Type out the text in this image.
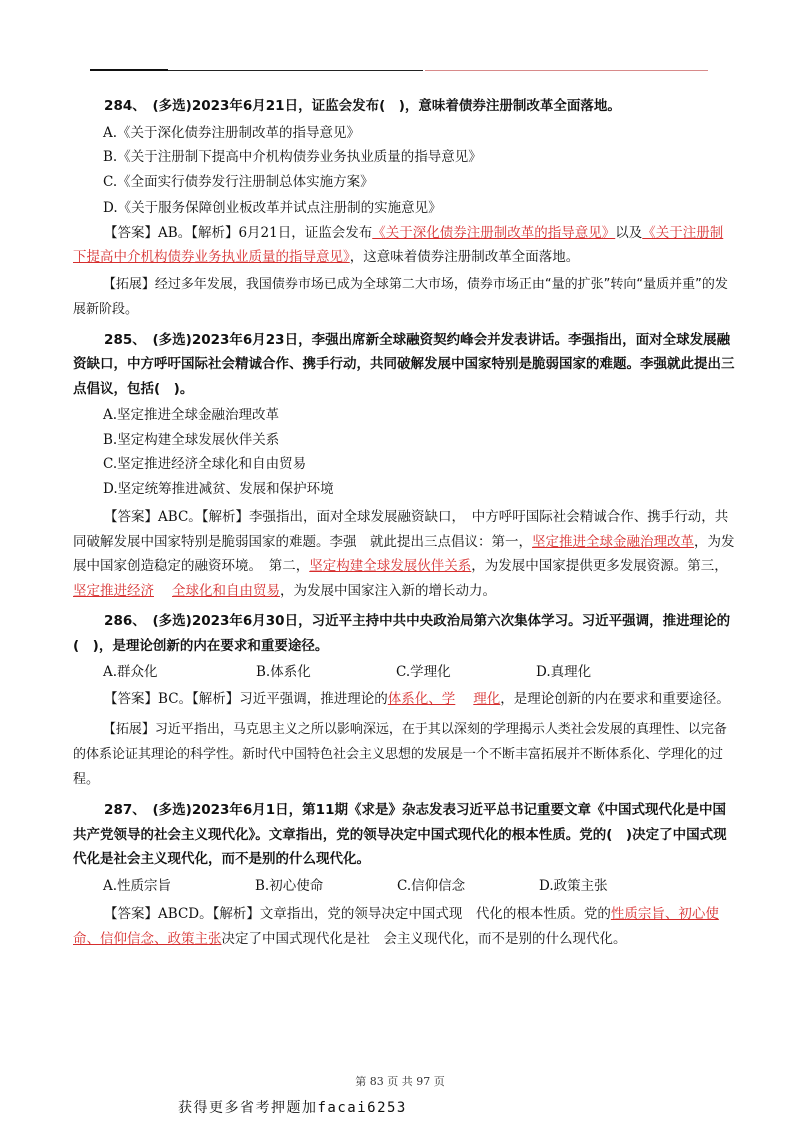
284、　(多选)2023年6月21日，证监会发布(　)，意味着债券注册制改革全面落地。

A.《关于深化债券注册制改革的指导意见》

B.《关于注册制下提高中介机构债券业务执业质量的指导意见》

C.《全面实行债券发行注册制总体实施方案》

D.《关于服务保障创业板改革并试点注册制的实施意见》

【答案】AB。【解析】6月21日，证监会发布《关于深化债券注册制改革的指导意见》以及《关于注册制下提高中介机构债券业务执业质量的指导意见》，这意味着债券注册制改革全面落地。

【拓展】经过多年发展，我国债券市场已成为全球第二大市场，债券市场正由“量的扩张”转向“量质并重”的发展新阶段。

285、　(多选)2023年6月23日，李强出席新全球融资契约峰会并发表讲话。李强指出，面对全球发展融资缺口，中方呼吁国际社会精诚合作、携手行动，共同破解发展中国家特别是脆弱国家的难题。李强就此提出三点倡议，包括(　)。

A.坚定推进全球金融治理改革

B.坚定构建全球发展伙伴关系

C.坚定推进经济全球化和自由贸易

D.坚定统筹推进减贫、发展和保护环境

【答案】ABC。【解析】李强指出，面对全球发展融资缺口，　中方呼吁国际社会精诚合作、携手行动，共同破解发展中国家特别是脆弱国家的难题。李强　就此提出三点倡议：第一，坚定推进全球金融治理改革，为发展中国家创造稳定的融资环境。　第二，坚定构建全球发展伙伴关系，为发展中国家提供更多发展资源。第三，坚定推进经济 全球化和自由贸易，为发展中国家注入新的增长动力。

286、　(多选)2023年6月30日，习近平主持中共中央政治局第六次集体学习。习近平强调，推进理论的(　)，是理论创新的内在要求和重要途径。

A.群众化	B.体系化	C.学理化	D.真理化

【答案】BC。【解析】习近平强调，推进理论的体系化、学 理化，是理论创新的内在要求和重要途径。

【拓展】习近平指出，马克思主义之所以影响深远，在于其以深刻的学理揭示人类社会发展的真理性、以完备的体系论证其理论的科学性。新时代中国特色社会主义思想的发展是一个不断丰富拓展并不断体系化、学理化的过程。

287、　(多选)2023年6月1日，第11期《求是》杂志发表习近平总书记重要文章《中国式现代化是中国共产党领导的社会主义现代化》。文章指出，党的领导决定中国式现代化的根本性质。党的(　)决定了中国式现代化是社会主义现代化，而不是别的什么现代化。

A.性质宗旨	B.初心使命	C.信仰信念	D.政策主张

【答案】ABCD。【解析】文章指出，党的领导决定中国式现　代化的根本性质。党的性质宗旨、初心使命、信仰信念、政策主张决定了中国式现代化是社　会主义现代化，而不是别的什么现代化。

第 83 页 共 97 页
获得更多省考押题加facai6253
